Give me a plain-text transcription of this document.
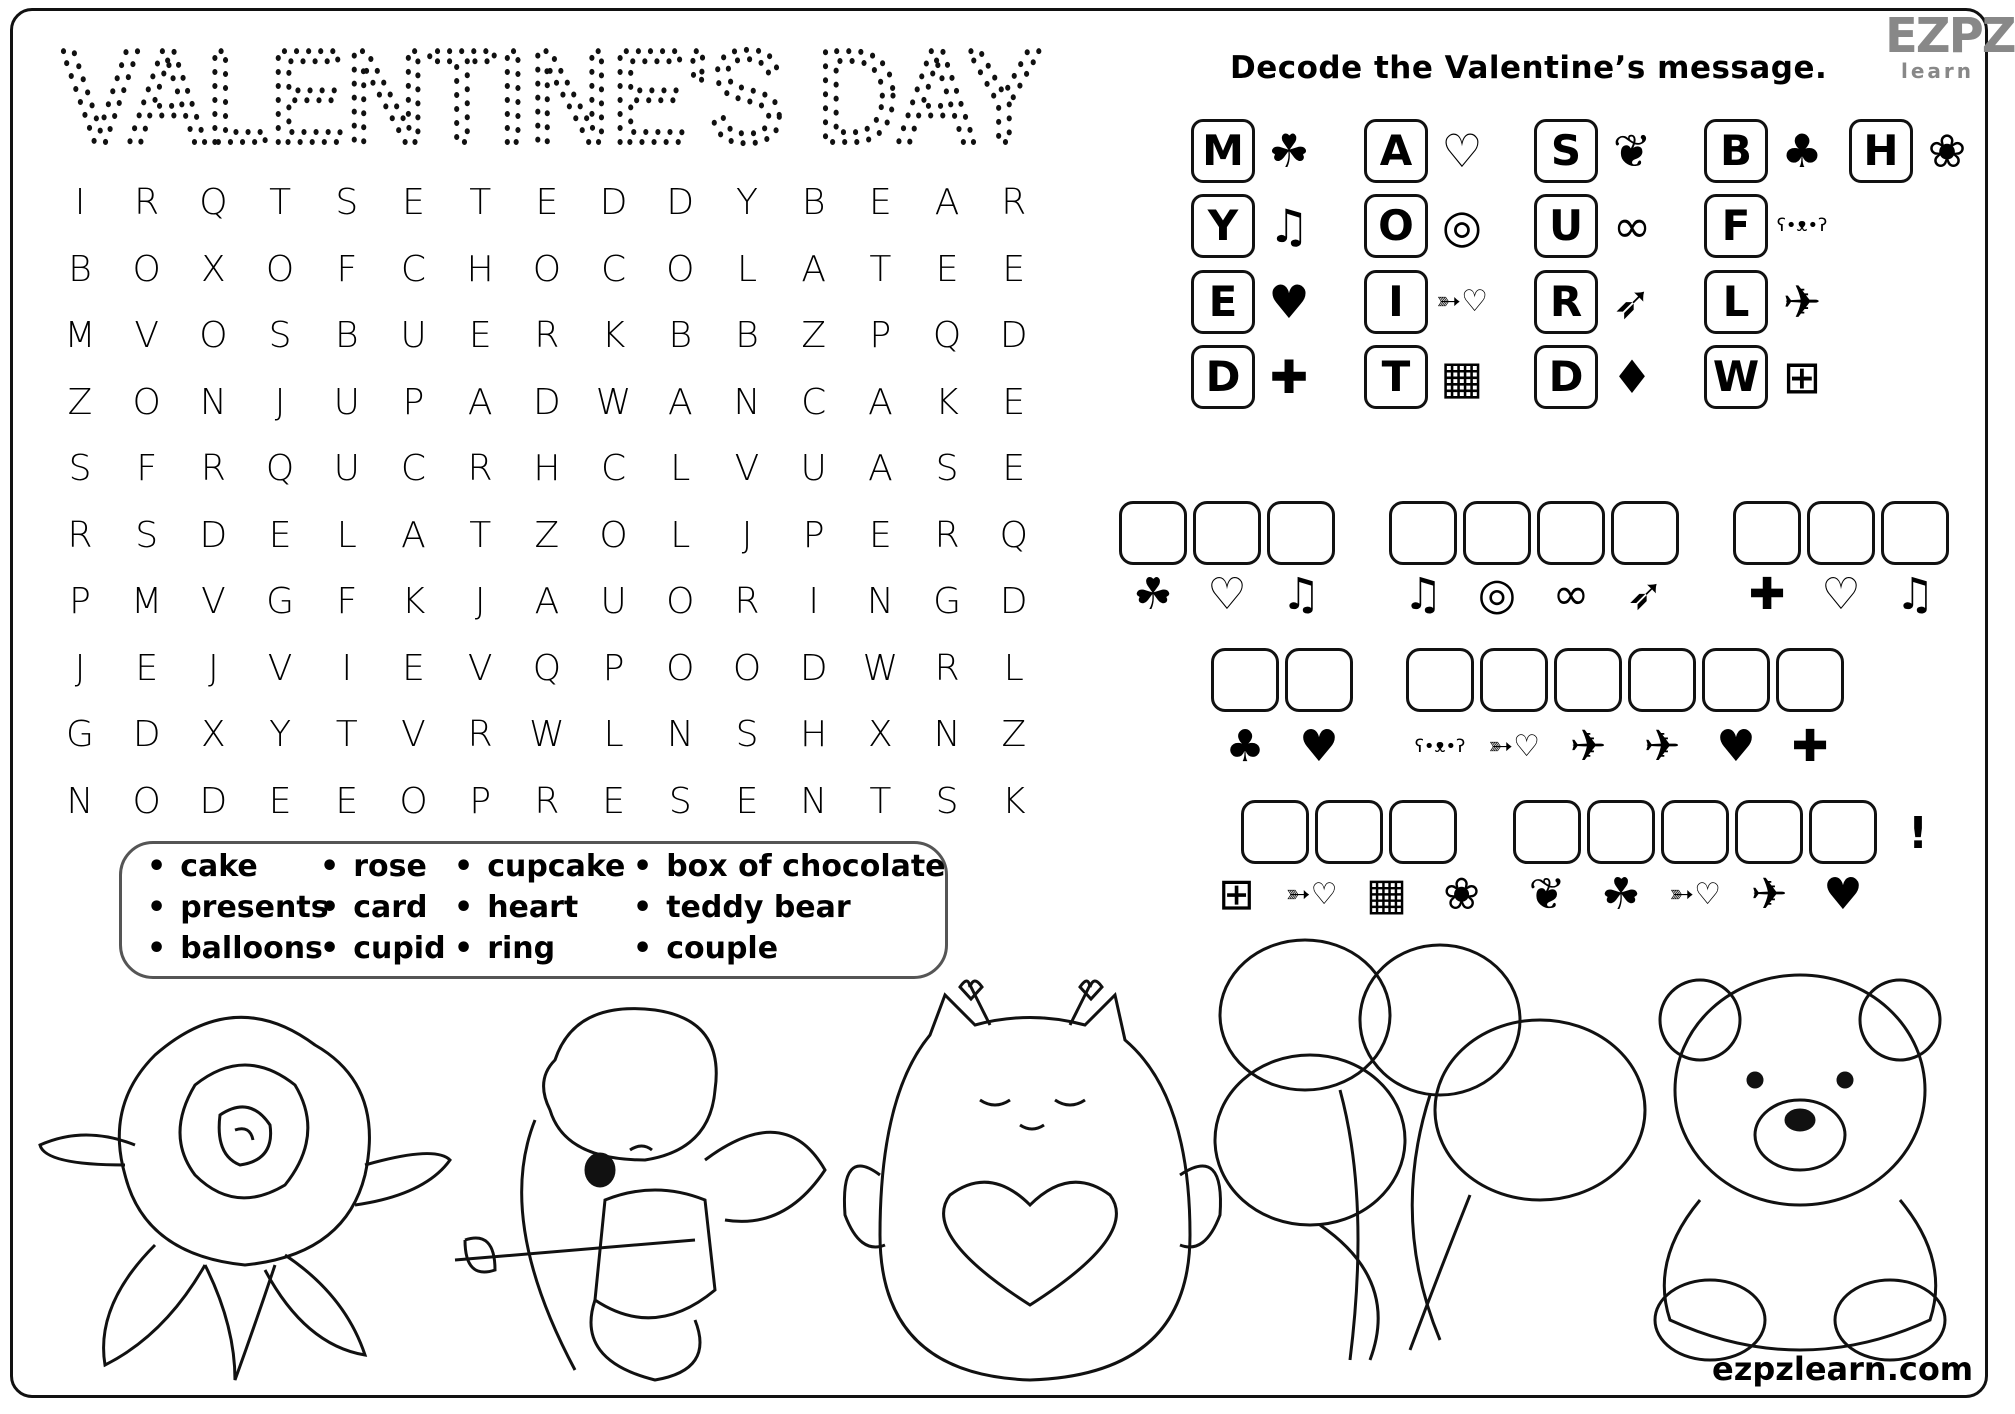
VALENTINE'S DAY
I	R	Q	T	S	E	T	E	D	D	Y	B	E	A	R
B	O	X	O	F	C	H	O	C	O	L	A	T	E	E
M	V	O	S	B	U	E	R	K	B	B	Z	P	Q	D
Z	O	N	J	U	P	A	D W	A	N	C	A	K	E
S	F	R	Q	U	C	R	H	C	L	V	U	A	S	E
R	S	D	E	L	A	T	Z	O	L	J	P	E	R	Q
P	M	V	G	F	K	J	A	U	O	R	I	N	G	D
J	E	J	V	I	E	V	Q	P	O	O	D W	R	L
G	D	X	Y	T	V	R	W	L	N	S	H	X	N	Z
N	O	D	E	E	O	P	R	E	S	E	N	T	S	K
• cake
• presents
• balloons
• rose
• card
• cupid
• cupcake
• heart
• ring
• box of chocolate
• teddy bear
• couple
Decode the Valentine’s message.
M ☘	A ♡	S ❦	B ♣ H ❀
Y ♫	O ◎	U ∞	F	ʕ•ᴥ•ʔ
E ♥	I	➳♡	R ➶	L ✈
D ✚	T ▦	D ♦ W ⊞
☘ ♡ ♫ ♫ ◎ ∞ ➶ ✚ ♡ ♫
♣ ♥	ʕ•ᴥ•ʔ ➳♡ ✈ ✈ ♥ ✚
⊞	➳♡ ▦ ❀ ❦ ☘ ➳♡ ✈ ♥
!
EZPZ
learn
ezpzlearn.com
